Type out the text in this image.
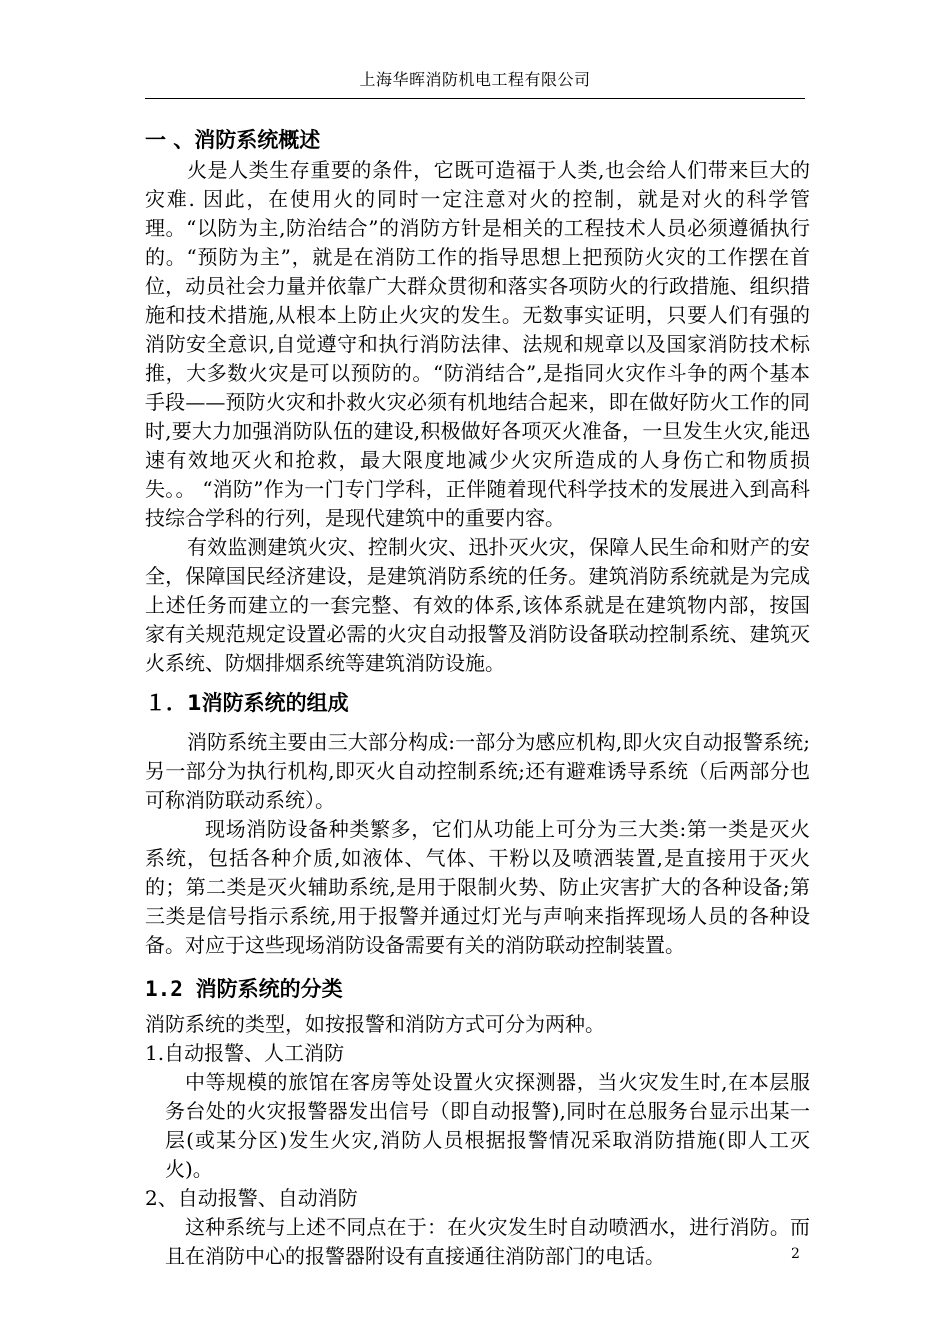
上海华晖消防机电工程有限公司
一 、消防系统概述

火是人类生存重要的条件，它既可造福于人类,也会给人们带来巨大的灾难. 因此，在使用火的同时一定注意对火的控制，就是对火的科学管理。“以防为主,防治结合”的消防方针是相关的工程技术人员必须遵循执行的。“预防为主”，就是在消防工作的指导思想上把预防火灾的工作摆在首位，动员社会力量并依靠广大群众贯彻和落实各项防火的行政措施、组织措施和技术措施,从根本上防止火灾的发生。无数事实证明，只要人们有强的消防安全意识,自觉遵守和执行消防法律、法规和规章以及国家消防技术标推，大多数火灾是可以预防的。“防消结合”,是指同火灾作斗争的两个基本手段——预防火灾和扑救火灾必须有机地结合起来，即在做好防火工作的同时,要大力加强消防队伍的建设,积极做好各项灭火准备，一旦发生火灾,能迅速有效地灭火和抢救，最大限度地减少火灾所造成的人身伤亡和物质损失。。 “消防”作为一门专门学科，正伴随着现代科学技术的发展进入到高科技综合学科的行列，是现代建筑中的重要内容。

有效监测建筑火灾、控制火灾、迅扑灭火灾，保障人民生命和财产的安全，保障国民经济建设，是建筑消防系统的任务。建筑消防系统就是为完成上述任务而建立的一套完整、有效的体系,该体系就是在建筑物内部，按国家有关规范规定设置必需的火灾自动报警及消防设备联动控制系统、建筑灭火系统、防烟排烟系统等建筑消防设施。

１．1消防系统的组成

消防系统主要由三大部分构成:一部分为感应机构,即火灾自动报警系统;另一部分为执行机构,即灭火自动控制系统;还有避难诱导系统（后两部分也可称消防联动系统）。

现场消防设备种类繁多，它们从功能上可分为三大类:第一类是灭火系统，包括各种介质,如液体、气体、干粉以及喷洒装置,是直接用于灭火的；第二类是灭火辅助系统,是用于限制火势、防止灾害扩大的各种设备;第三类是信号指示系统,用于报警并通过灯光与声响来指挥现场人员的各种设备。对应于这些现场消防设备需要有关的消防联动控制装置。

1.2 消防系统的分类

消防系统的类型，如按报警和消防方式可分为两种。

1.自动报警、人工消防

中等规模的旅馆在客房等处设置火灾探测器，当火灾发生时,在本层服务台处的火灾报警器发出信号（即自动报警),同时在总服务台显示出某一层(或某分区)发生火灾,消防人员根据报警情况采取消防措施(即人工灭火)。

2、自动报警、自动消防

这种系统与上述不同点在于：在火灾发生时自动喷洒水，进行消防。而且在消防中心的报警器附设有直接通往消防部门的电话。	2
